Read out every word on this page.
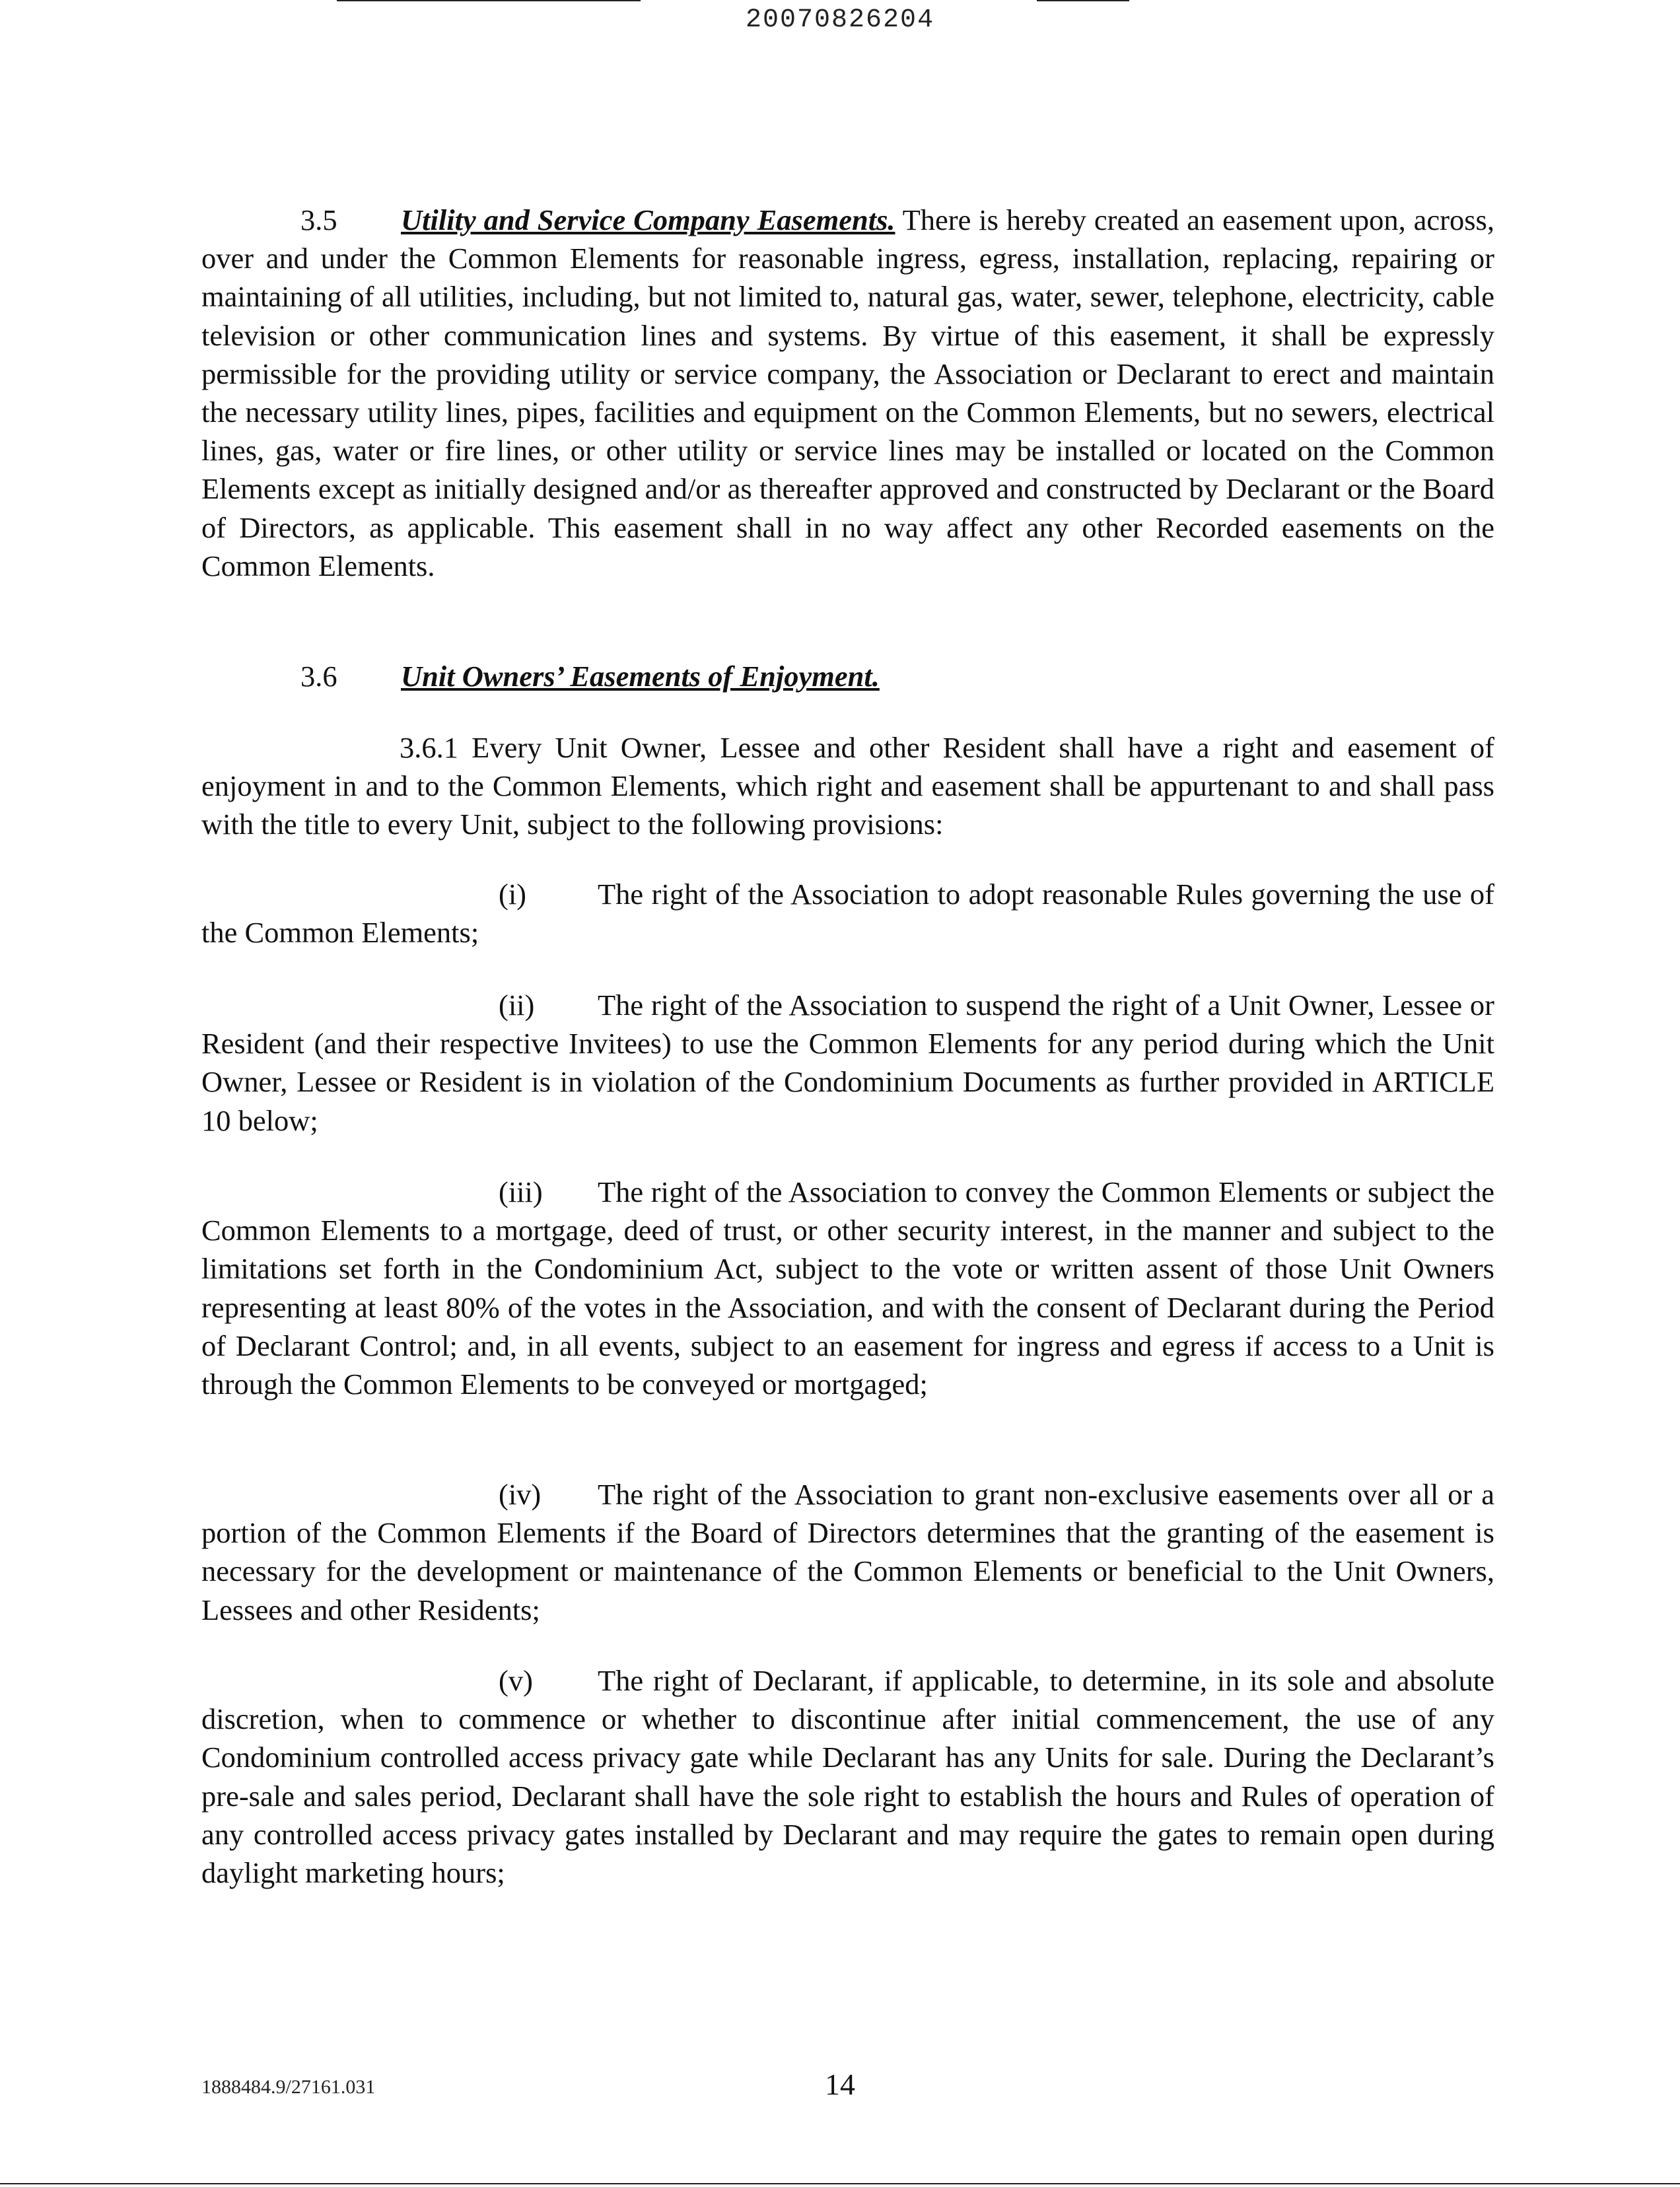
20070826204
3.5 Utility and Service Company Easements. There is hereby created an easement upon, across, over and under the Common Elements for reasonable ingress, egress, installation, replacing, repairing or maintaining of all utilities, including, but not limited to, natural gas, water, sewer, telephone, electricity, cable television or other communication lines and systems. By virtue of this easement, it shall be expressly permissible for the providing utility or service company, the Association or Declarant to erect and maintain the necessary utility lines, pipes, facilities and equipment on the Common Elements, but no sewers, electrical lines, gas, water or fire lines, or other utility or service lines may be installed or located on the Common Elements except as initially designed and/or as thereafter approved and constructed by Declarant or the Board of Directors, as applicable. This easement shall in no way affect any other Recorded easements on the Common Elements.
3.6 Unit Owners’ Easements of Enjoyment.
3.6.1 Every Unit Owner, Lessee and other Resident shall have a right and easement of enjoyment in and to the Common Elements, which right and easement shall be appurtenant to and shall pass with the title to every Unit, subject to the following provisions:
(i) The right of the Association to adopt reasonable Rules governing the use of the Common Elements;
(ii) The right of the Association to suspend the right of a Unit Owner, Lessee or Resident (and their respective Invitees) to use the Common Elements for any period during which the Unit Owner, Lessee or Resident is in violation of the Condominium Documents as further provided in ARTICLE 10 below;
(iii) The right of the Association to convey the Common Elements or subject the Common Elements to a mortgage, deed of trust, or other security interest, in the manner and subject to the limitations set forth in the Condominium Act, subject to the vote or written assent of those Unit Owners representing at least 80% of the votes in the Association, and with the consent of Declarant during the Period of Declarant Control; and, in all events, subject to an easement for ingress and egress if access to a Unit is through the Common Elements to be conveyed or mortgaged;
(iv) The right of the Association to grant non-exclusive easements over all or a portion of the Common Elements if the Board of Directors determines that the granting of the easement is necessary for the development or maintenance of the Common Elements or beneficial to the Unit Owners, Lessees and other Residents;
(v) The right of Declarant, if applicable, to determine, in its sole and absolute discretion, when to commence or whether to discontinue after initial commencement, the use of any Condominium controlled access privacy gate while Declarant has any Units for sale. During the Declarant’s pre-sale and sales period, Declarant shall have the sole right to establish the hours and Rules of operation of any controlled access privacy gates installed by Declarant and may require the gates to remain open during daylight marketing hours;
1888484.9/27161.031	14
